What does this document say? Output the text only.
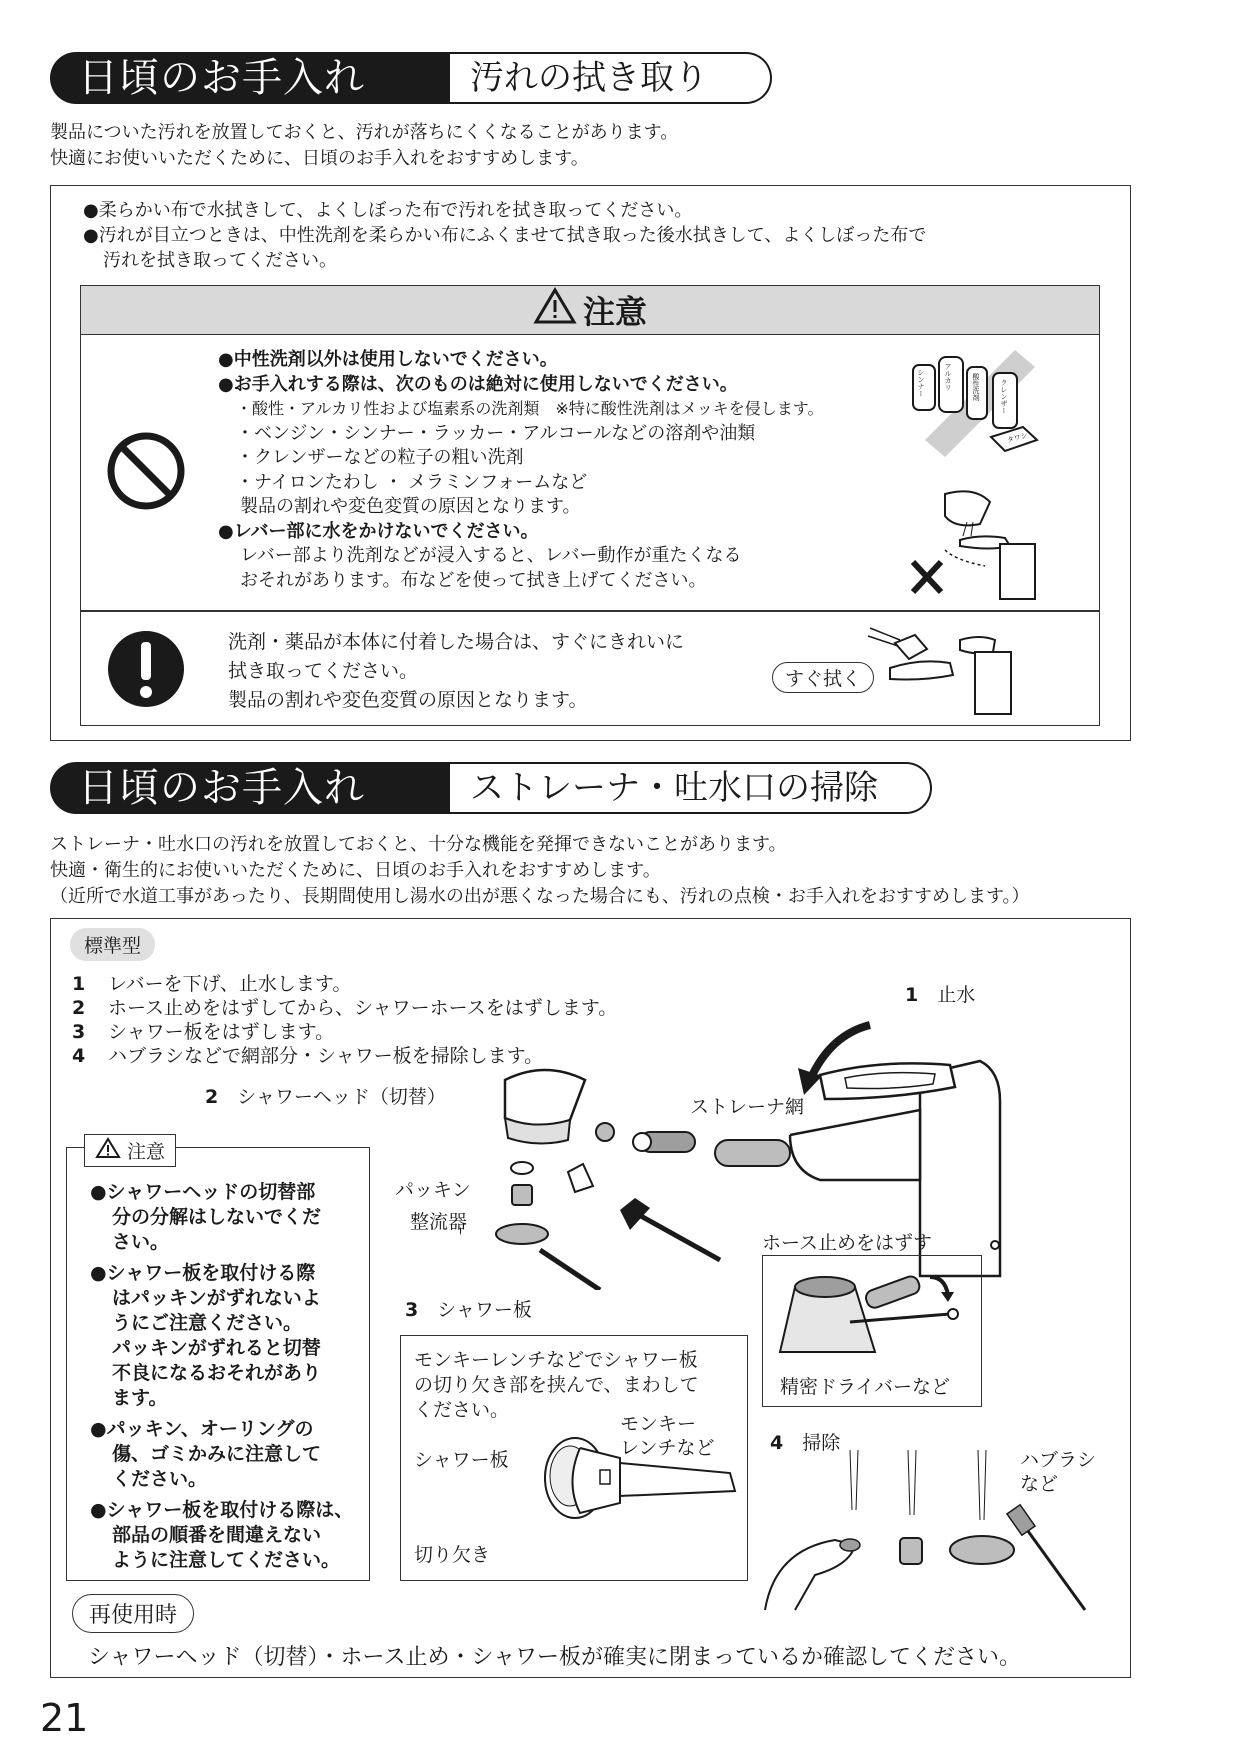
日頃のお手入れ	汚れの拭き取り
製品についた汚れを放置しておくと、汚れが落ちにくくなることがあります。
快適にお使いいただくために、日頃のお手入れをおすすめします。
●柔らかい布で水拭きして、よくしぼった布で汚れを拭き取ってください。
●汚れが目立つときは、中性洗剤を柔らかい布にふくませて拭き取った後水拭きして、よくしぼった布で
汚れを拭き取ってください。
注意
●中性洗剤以外は使用しないでください。
●お手入れする際は、次のものは絶対に使用しないでください。
・酸性・アルカリ性および塩素系の洗剤類　※特に酸性洗剤はメッキを侵します。
・ベンジン・シンナー・ラッカー・アルコールなどの溶剤や油類
・クレンザーなどの粒子の粗い洗剤
・ナイロンたわし ・ メラミンフォームなど
製品の割れや変色変質の原因となります。
●レバー部に水をかけないでください。
レバー部より洗剤などが浸入すると、レバー動作が重たくなる
おそれがあります。布などを使って拭き上げてください。
シンナー	アルカリ	酸性洗剤	クレンザー
タワシ
洗剤・薬品が本体に付着した場合は、すぐにきれいに
拭き取ってください。
製品の割れや変色変質の原因となります。
すぐ拭く
日頃のお手入れ	ストレーナ・吐水口の掃除
ストレーナ・吐水口の汚れを放置しておくと、十分な機能を発揮できないことがあります。
快適・衛生的にお使いいただくために、日頃のお手入れをおすすめします。
（近所で水道工事があったり、長期間使用し湯水の出が悪くなった場合にも、汚れの点検・お手入れをおすすめします。）
標準型
1 レバーを下げ、止水します。
2 ホース止めをはずしてから、シャワーホースをはずします。
3 シャワー板をはずします。
4 ハブラシなどで網部分・シャワー板を掃除します。
1　 止水
2　 シャワーヘッド（切替）	ストレーナ網
パッキン
整流器
3　 シャワー板
ホース止めをはずす
精密ドライバーなど
注意

●シャワーヘッドの切替部
分の分解はしないでくだ
さい。

●シャワー板を取付ける際
はパッキンがずれないよ
うにご注意ください。
パッキンがずれると切替
不良になるおそれがあり
ます。

●パッキン、オーリングの
傷、ゴミかみに注意して
ください。

●シャワー板を取付ける際は、
部品の順番を間違えない
ように注意してください。

モンキーレンチなどでシャワー板
の切り欠き部を挟んで、まわして
ください。
シャワー板
モンキー
レンチなど
切り欠き
4　 掃除
ハブラシ
など
再使用時
シャワーヘッド（切替）・ホース止め・シャワー板が確実に閉まっているか確認してください。
21
